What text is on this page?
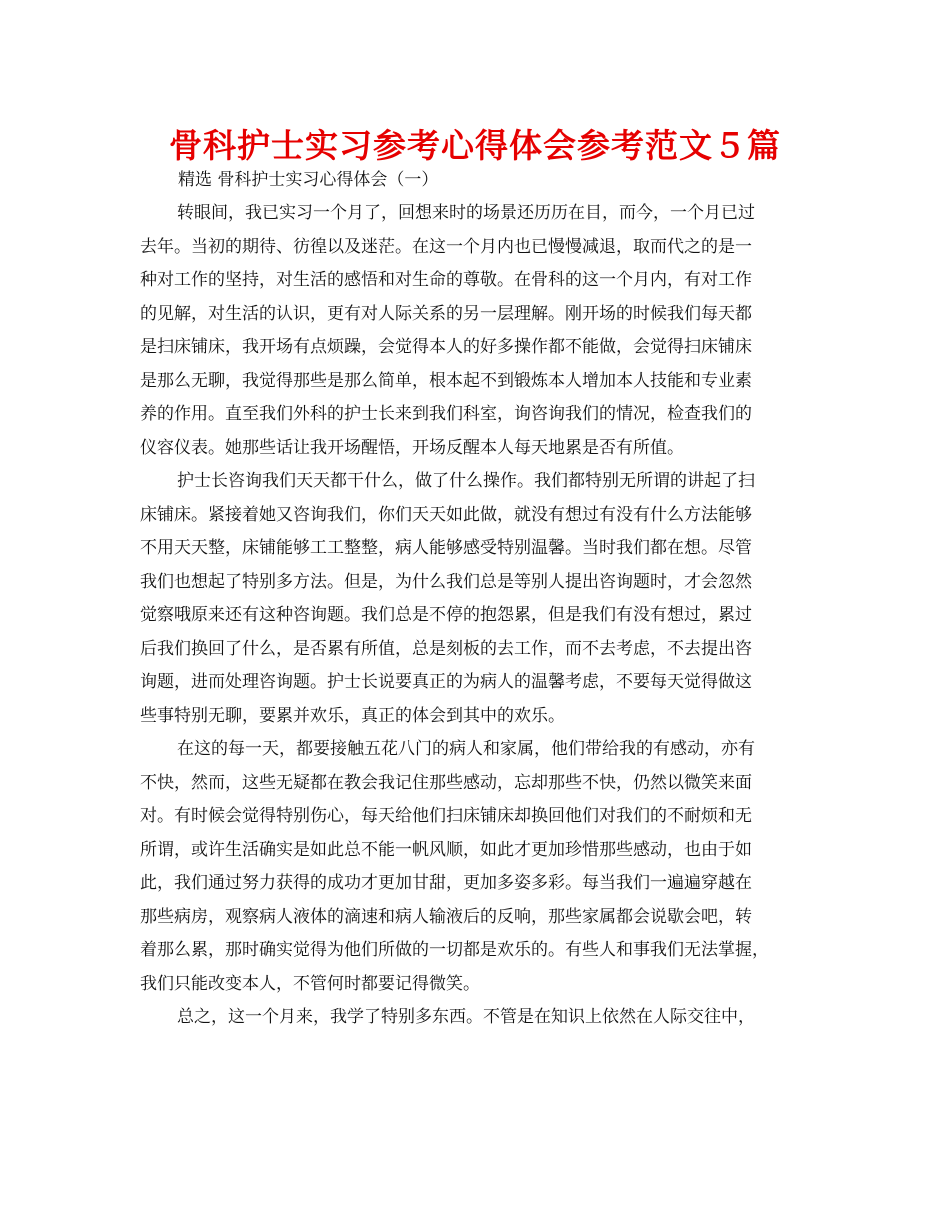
骨科护士实习参考心得体会参考范文５篇
精选 骨科护士实习心得体会（一）
转眼间，我已实习一个月了，回想来时的场景还历历在目，而今，一个月已过
去年。当初的期待、彷徨以及迷茫。在这一个月内也已慢慢减退，取而代之的是一
种对工作的坚持，对生活的感悟和对生命的尊敬。在骨科的这一个月内，有对工作
的见解，对生活的认识，更有对人际关系的另一层理解。刚开场的时候我们每天都
是扫床铺床，我开场有点烦躁，会觉得本人的好多操作都不能做，会觉得扫床铺床
是那么无聊，我觉得那些是那么简单，根本起不到锻炼本人增加本人技能和专业素
养的作用。直至我们外科的护士长来到我们科室，询咨询我们的情况，检查我们的
仪容仪表。她那些话让我开场醒悟，开场反醒本人每天地累是否有所值。
护士长咨询我们天天都干什么，做了什么操作。我们都特别无所谓的讲起了扫
床铺床。紧接着她又咨询我们，你们天天如此做，就没有想过有没有什么方法能够
不用天天整，床铺能够工工整整，病人能够感受特别温馨。当时我们都在想。尽管
我们也想起了特别多方法。但是，为什么我们总是等别人提出咨询题时，才会忽然
觉察哦原来还有这种咨询题。我们总是不停的抱怨累，但是我们有没有想过，累过
后我们换回了什么，是否累有所值，总是刻板的去工作，而不去考虑，不去提出咨
询题，进而处理咨询题。护士长说要真正的为病人的温馨考虑，不要每天觉得做这
些事特别无聊，要累并欢乐，真正的体会到其中的欢乐。
在这的每一天，都要接触五花八门的病人和家属，他们带给我的有感动，亦有
不快，然而，这些无疑都在教会我记住那些感动，忘却那些不快，仍然以微笑来面
对。有时候会觉得特别伤心，每天给他们扫床铺床却换回他们对我们的不耐烦和无
所谓，或许生活确实是如此总不能一帆风顺，如此才更加珍惜那些感动，也由于如
此，我们通过努力获得的成功才更加甘甜，更加多姿多彩。每当我们一遍遍穿越在
那些病房，观察病人液体的滴速和病人输液后的反响，那些家属都会说歇会吧，转
着那么累，那时确实觉得为他们所做的一切都是欢乐的。有些人和事我们无法掌握，
我们只能改变本人，不管何时都要记得微笑。
总之，这一个月来，我学了特别多东西。不管是在知识上依然在人际交往中，
